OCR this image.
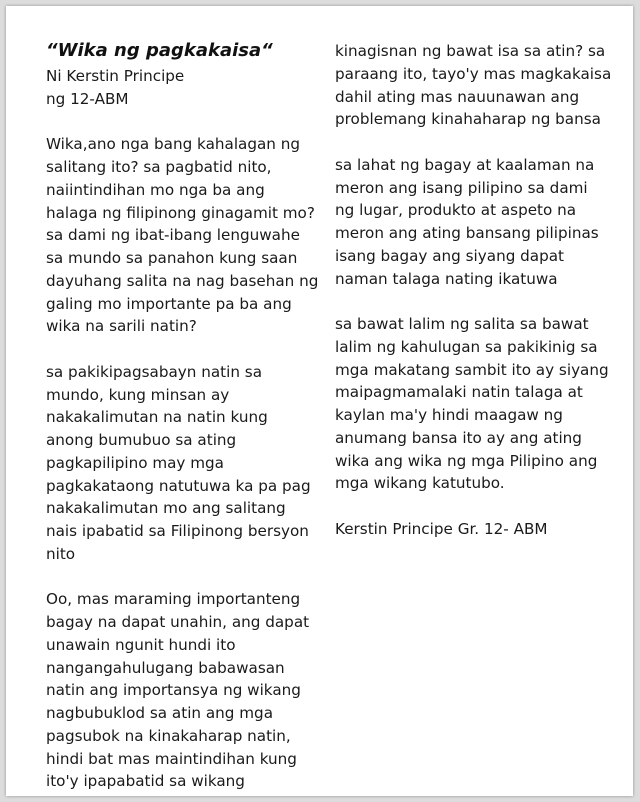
“Wika ng pagkakaisa“
Ni Kerstin Principe
ng 12-ABM
Wika,ano nga bang kahalagan ng
salitang ito? sa pagbatid nito,
naiintindihan mo nga ba ang
halaga ng filipinong ginagamit mo?
sa dami ng ibat-ibang lenguwahe
sa mundo sa panahon kung saan
dayuhang salita na nag basehan ng
galing mo importante pa ba ang
wika na sarili natin?
sa pakikipagsabayn natin sa
mundo, kung minsan ay
nakakalimutan na natin kung
anong bumubuo sa ating
pagkapilipino may mga
pagkakataong natutuwa ka pa pag
nakakalimutan mo ang salitang
nais ipabatid sa Filipinong bersyon
nito
Oo, mas maraming importanteng
bagay na dapat unahin, ang dapat
unawain ngunit hundi ito
nangangahulugang babawasan
natin ang importansya ng wikang
nagbubuklod sa atin ang mga
pagsubok na kinakaharap natin,
hindi bat mas maintindihan kung
ito'y ipapabatid sa wikang
kinagisnan ng bawat isa sa atin? sa
paraang ito, tayo'y mas magkakaisa
dahil ating mas nauunawan ang
problemang kinahaharap ng bansa
sa lahat ng bagay at kaalaman na
meron ang isang pilipino sa dami
ng lugar, produkto at aspeto na
meron ang ating bansang pilipinas
isang bagay ang siyang dapat
naman talaga nating ikatuwa
sa bawat lalim ng salita sa bawat
lalim ng kahulugan sa pakikinig sa
mga makatang sambit ito ay siyang
maipagmamalaki natin talaga at
kaylan ma'y hindi maagaw ng
anumang bansa ito ay ang ating
wika ang wika ng mga Pilipino ang
mga wikang katutubo.
Kerstin Principe Gr. 12- ABM
